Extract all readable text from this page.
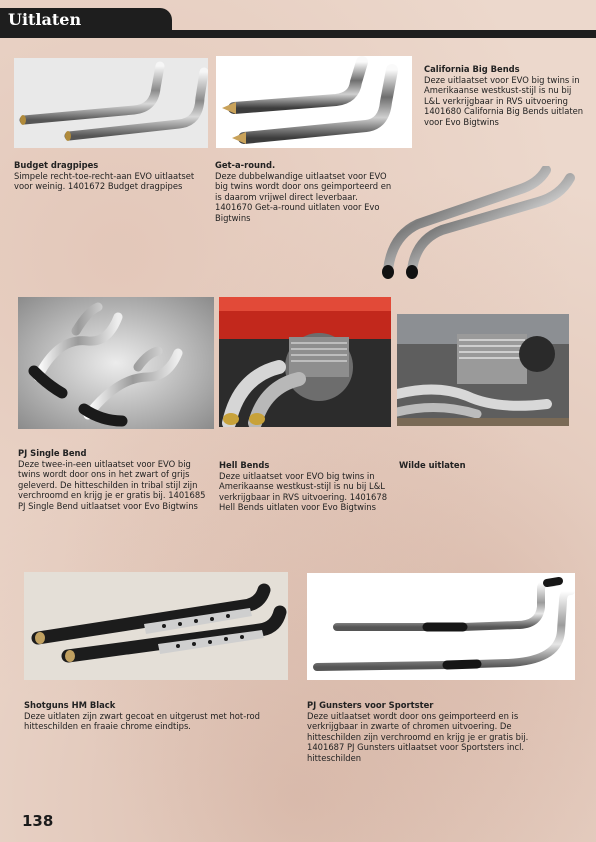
Uitlaten
Budget dragpipes
Simpele recht-toe-recht-aan EVO uitlaatset voor weinig. 1401672 Budget dragpipes
Get-a-round.
Deze dubbelwandige uitlaatset voor EVO big twins wordt door ons geimporteerd en is daarom vrijwel direct leverbaar. 1401670 Get-a-round uitlaten voor Evo Bigtwins
California Big Bends
Deze uitlaatset voor EVO big twins in Amerikaanse westkust-stijl is nu bij L&L verkrijgbaar in RVS uitvoering 1401680 California Big Bends uitlaten voor Evo Bigtwins
PJ Single Bend
Deze twee-in-een uitlaatset voor EVO big twins wordt door ons in het zwart of grijs geleverd. De hitteschilden in tribal stijl zijn verchroomd en krijg je er gratis bij. 1401685 PJ Single Bend uitlaatset voor Evo Bigtwins
Hell Bends
Deze uitlaatset voor EVO big twins in Amerikaanse westkust-stijl is nu bij L&L verkrijgbaar in RVS uitvoering. 1401678 Hell Bends uitlaten voor Evo Bigtwins
Wilde uitlaten
Shotguns HM Black
Deze uitlaten zijn zwart gecoat en uitgerust met hot-rod hitteschilden en fraaie chrome eindtips.
PJ Gunsters voor Sportster
Deze uitlaatset wordt door ons geimporteerd en is verkrijgbaar in zwarte of chromen uitvoering. De hitteschilden zijn verchroomd en krijg je er gratis bij. 1401687 PJ Gunsters uitlaatset voor Sportsters incl. hitteschilden
138
